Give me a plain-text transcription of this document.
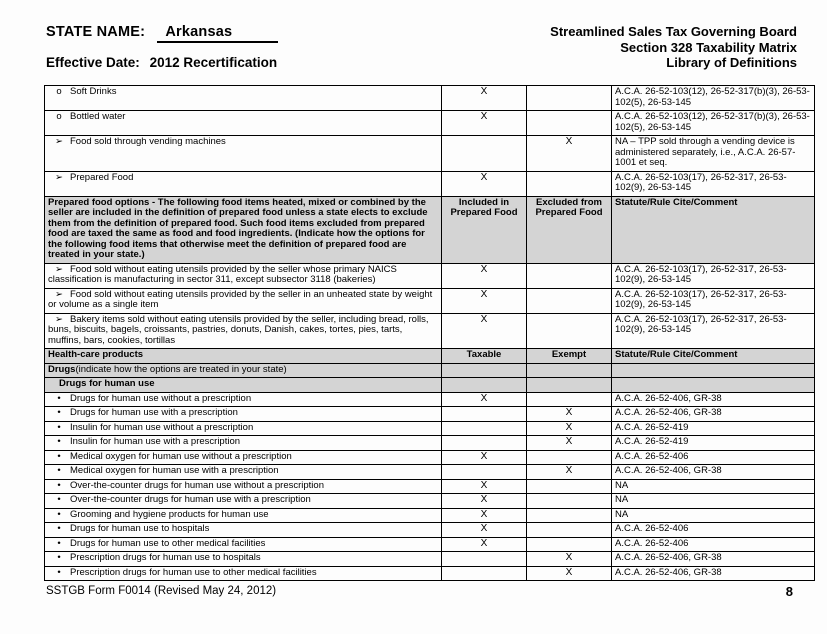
STATE NAME: Arkansas
Effective Date: 2012 Recertification
Streamlined Sales Tax Governing Board
Section 328 Taxability Matrix
Library of Definitions
o Soft Drinks	X		A.C.A. 26-52-103(12), 26-52-317(b)(3), 26-53-102(5), 26-53-145
o Bottled water	X		A.C.A. 26-52-103(12), 26-52-317(b)(3), 26-53-102(5), 26-53-145
➢ Food sold through vending machines		X	NA – TPP sold through a vending device is administered separately, i.e., A.C.A. 26-57-1001 et seq.
➢ Prepared Food	X		A.C.A. 26-52-103(17), 26-52-317, 26-53-102(9), 26-53-145
Prepared food options - The following food items heated, mixed or combined by the seller are included in the definition of prepared food unless a state elects to exclude them from the definition of prepared food. Such food items excluded from prepared food are taxed the same as food and food ingredients. (Indicate how the options for the following food items that otherwise meet the definition of prepared food are treated in your state.)	Included in Prepared Food	Excluded from Prepared Food	Statute/Rule Cite/Comment
➢ Food sold without eating utensils provided by the seller whose primary NAICS classification is manufacturing in sector 311, except subsector 3118 (bakeries)	X		A.C.A. 26-52-103(17), 26-52-317, 26-53-102(9), 26-53-145
➢ Food sold without eating utensils provided by the seller in an unheated state by weight or volume as a single item	X		A.C.A. 26-52-103(17), 26-52-317, 26-53-102(9), 26-53-145
➢ Bakery items sold without eating utensils provided by the seller, including bread, rolls, buns, biscuits, bagels, croissants, pastries, donuts, Danish, cakes, tortes, pies, tarts, muffins, bars, cookies, tortillas	X		A.C.A. 26-52-103(17), 26-52-317, 26-53-102(9), 26-53-145
Health-care products	Taxable	Exempt	Statute/Rule Cite/Comment
Drugs(indicate how the options are treated in your state)			
Drugs for human use			
• Drugs for human use without a prescription	X		A.C.A. 26-52-406, GR-38
• Drugs for human use with a prescription		X	A.C.A. 26-52-406, GR-38
• Insulin for human use without a prescription		X	A.C.A. 26-52-419
• Insulin for human use with a prescription		X	A.C.A. 26-52-419
• Medical oxygen for human use without a prescription	X		A.C.A. 26-52-406
• Medical oxygen for human use with a prescription		X	A.C.A. 26-52-406, GR-38
• Over-the-counter drugs for human use without a prescription	X		NA
• Over-the-counter drugs for human use with a prescription	X		NA
• Grooming and hygiene products for human use	X		NA
• Drugs for human use to hospitals	X		A.C.A. 26-52-406
• Drugs for human use to other medical facilities	X		A.C.A. 26-52-406
• Prescription drugs for human use to hospitals		X	A.C.A. 26-52-406, GR-38
• Prescription drugs for human use to other medical facilities		X	A.C.A. 26-52-406, GR-38
SSTGB Form F0014 (Revised May 24, 2012)	8
